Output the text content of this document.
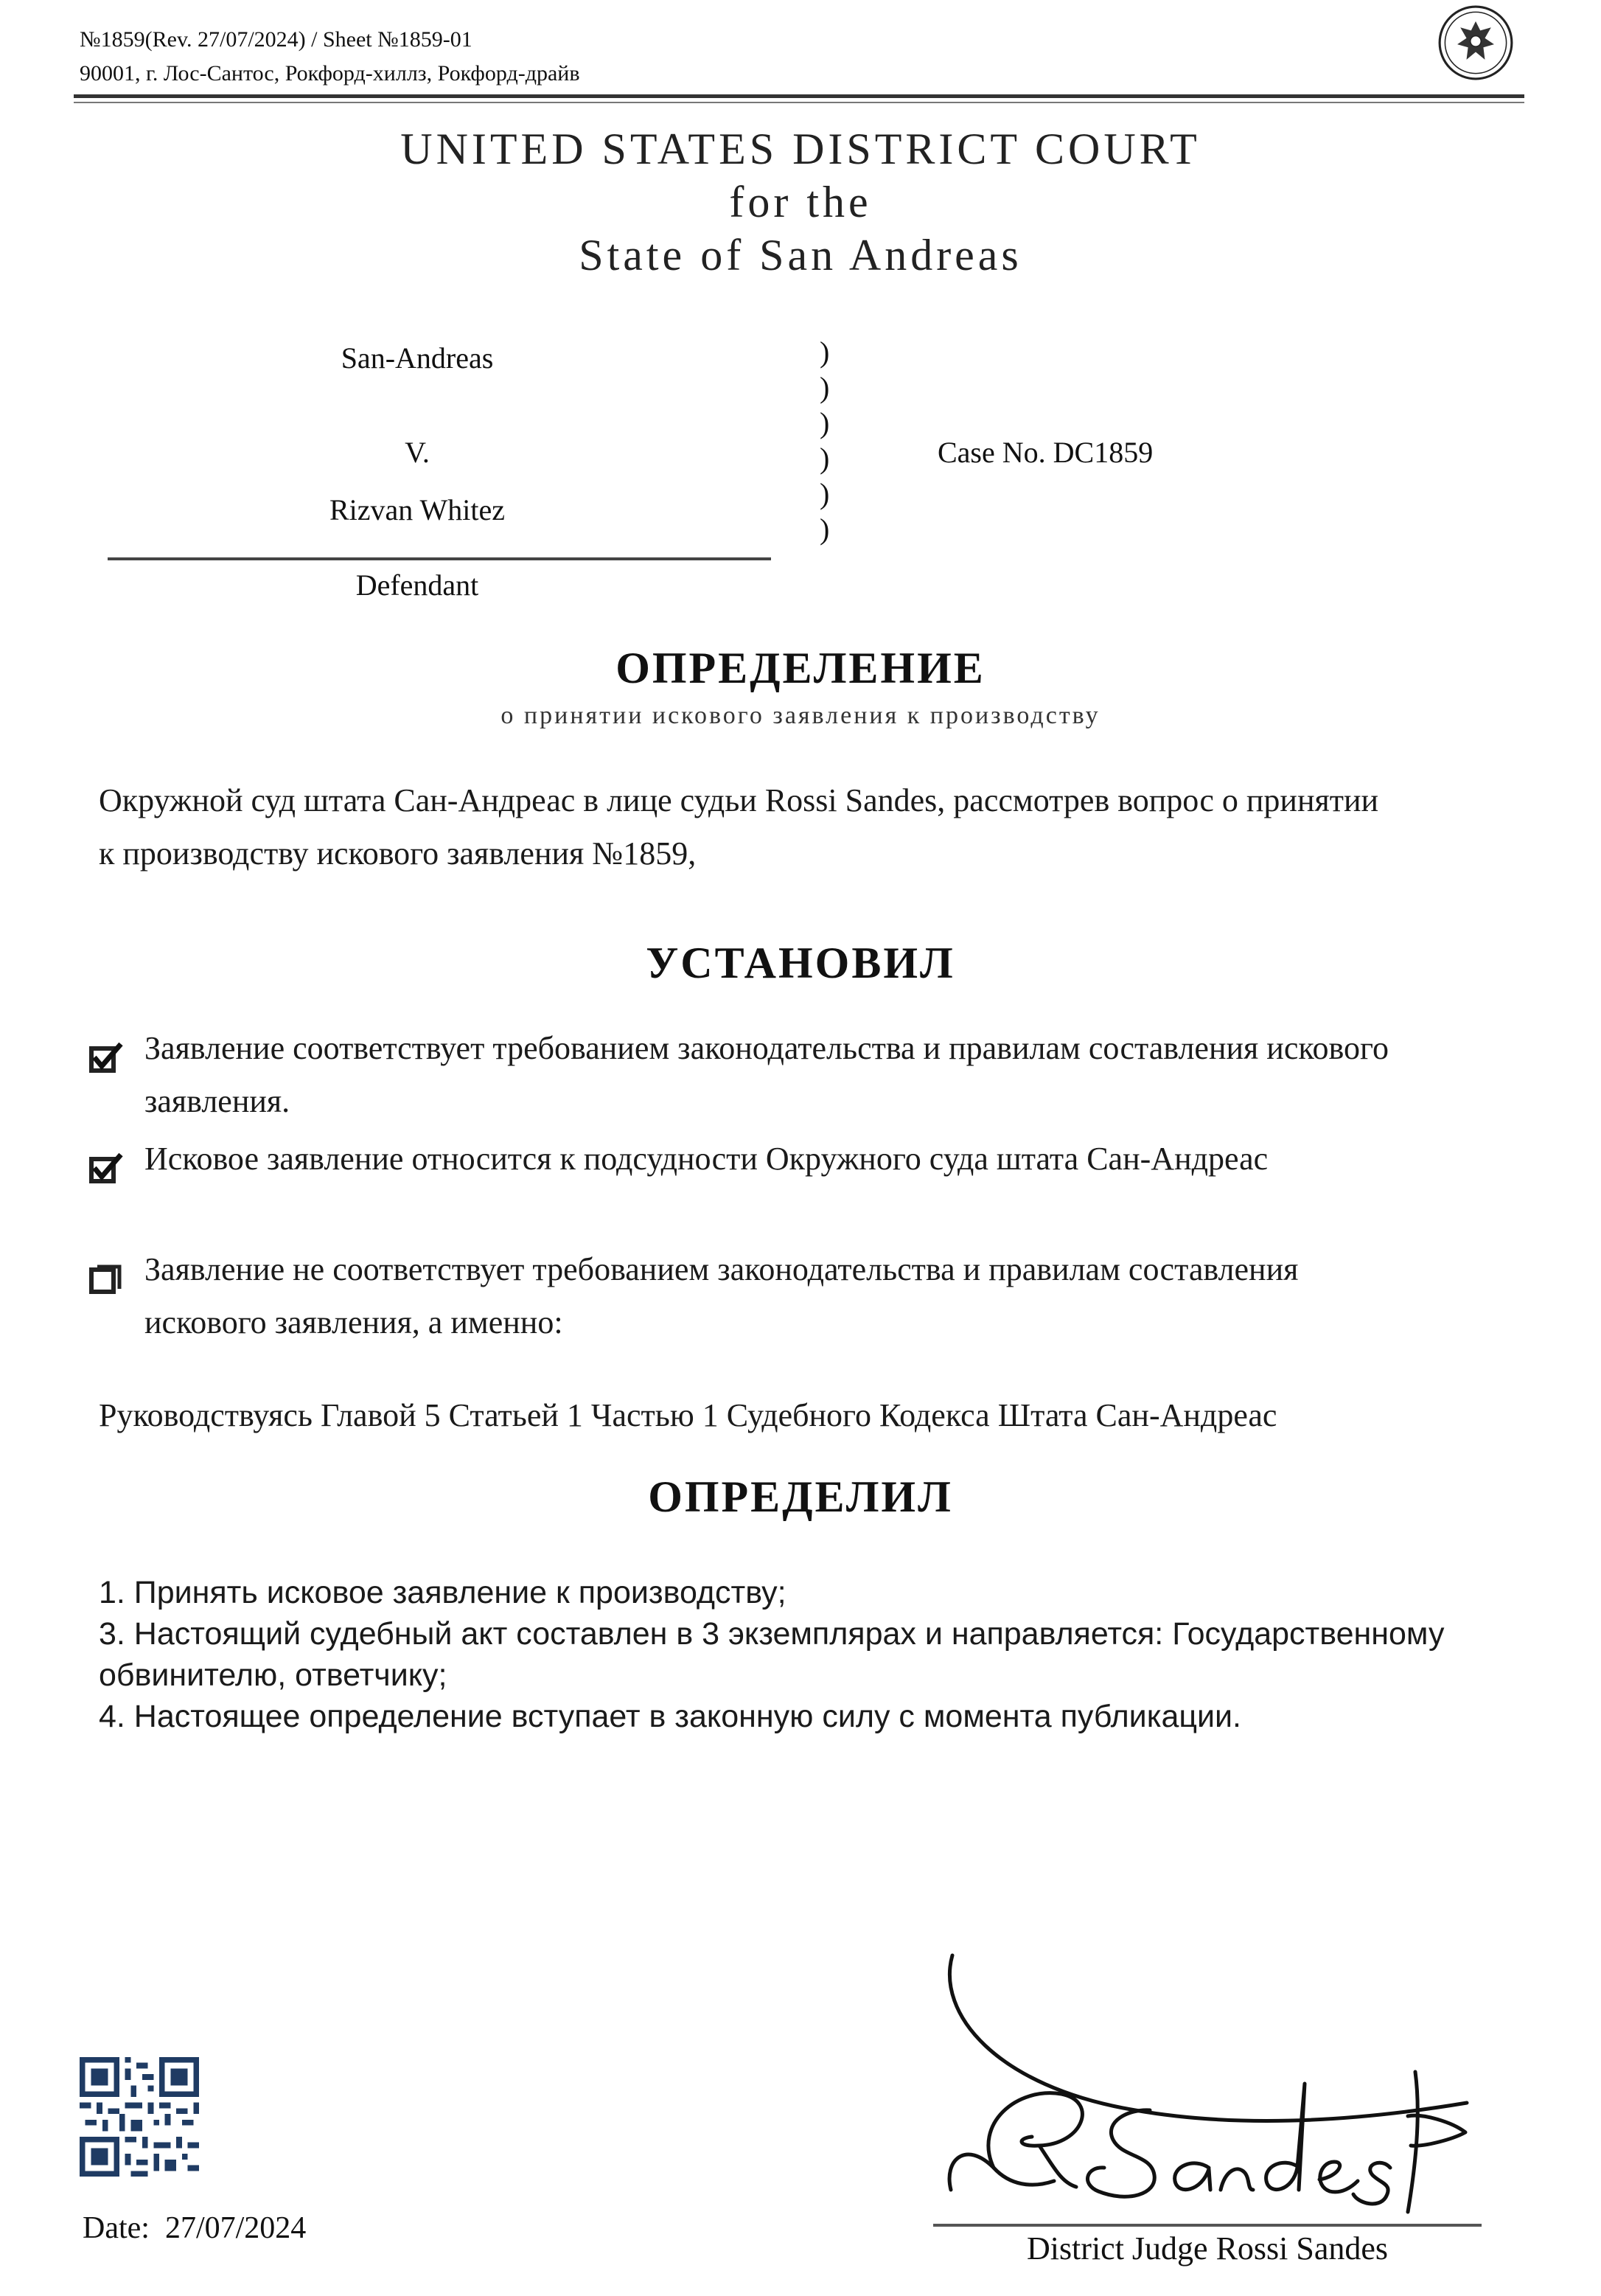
№1859(Rev. 27/07/2024) / Sheet №1859-01
90001, г. Лос-Сантос, Рокфорд-хиллз, Рокфорд-драйв
UNITED STATES DISTRICT COURT
for the
State of San Andreas
San-Andreas
V.
Rizvan Whitez
Defendant
)
)
)
)
)
)
Case No. DC1859
ОПРЕДЕЛЕНИЕ
о принятии искового заявления к производству
Окружной суд штата Сан-Андреас в лице судьи Rossi Sandes, рассмотрев вопрос о принятии
к производству искового заявления №1859,
УСТАНОВИЛ
Заявление соответствует требованием законодательства и правилам составления искового
заявления.
Исковое заявление относится к подсудности Окружного суда штата Сан-Андреас
Заявление не соответствует требованием законодательства и правилам составления
искового заявления, а именно:
Руководствуясь Главой 5 Статьей 1 Частью 1 Судебного Кодекса Штата Сан-Андреас
ОПРЕДЕЛИЛ
1. Принять исковое заявление к производству;
3. Настоящий судебный акт составлен в 3 экземплярах и направляется: Государственному
обвинителю, ответчику;
4. Настоящее определение вступает в законную силу с момента публикации.
Date: 27/07/2024
District Judge Rossi Sandes
